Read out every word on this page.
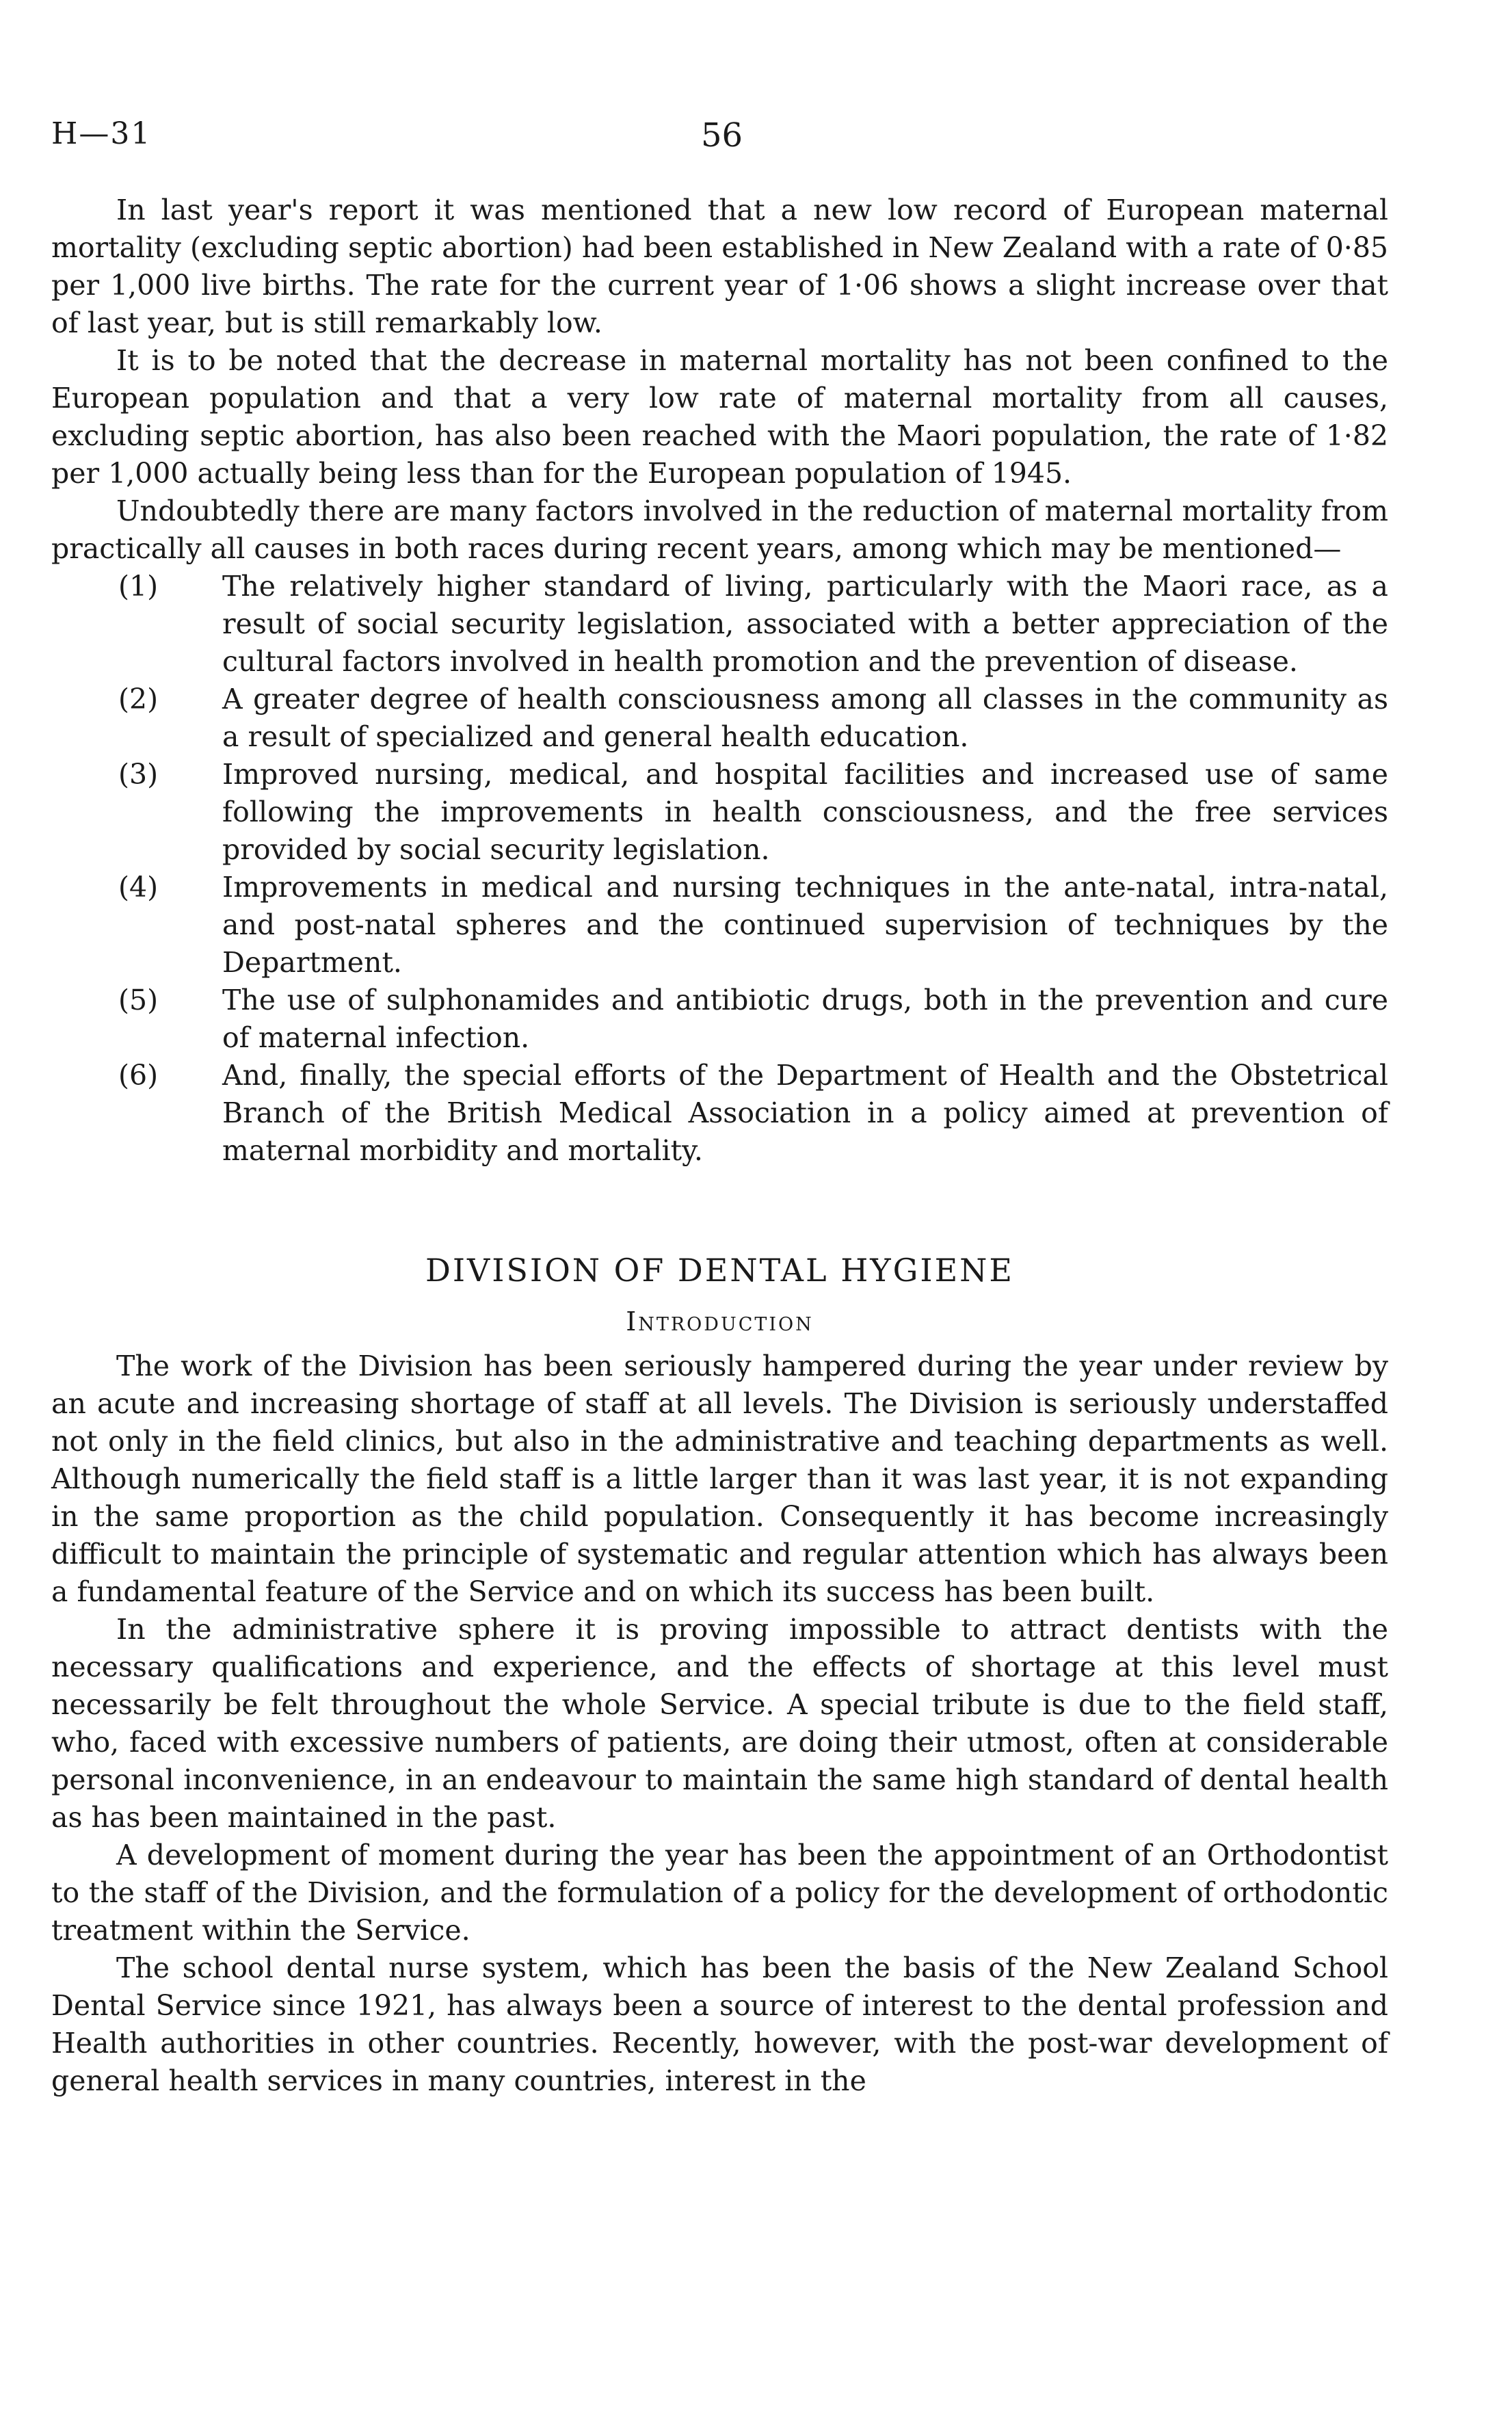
H—31	56

In last year's report it was mentioned that a new low record of European maternal mortality (excluding septic abortion) had been established in New Zealand with a rate of 0·85 per 1,000 live births. The rate for the current year of 1·06 shows a slight increase over that of last year, but is still remarkably low.

It is to be noted that the decrease in maternal mortality has not been confined to the European population and that a very low rate of maternal mortality from all causes, excluding septic abortion, has also been reached with the Maori population, the rate of 1·82 per 1,000 actually being less than for the European population of 1945.

Undoubtedly there are many factors involved in the reduction of maternal mortality from practically all causes in both races during recent years, among which may be mentioned—

(1) The relatively higher standard of living, particularly with the Maori race, as a result of social security legislation, associated with a better appreciation of the cultural factors involved in health promotion and the prevention of disease.
(2) A greater degree of health consciousness among all classes in the community as a result of specialized and general health education.
(3) Improved nursing, medical, and hospital facilities and increased use of same following the improvements in health consciousness, and the free services provided by social security legislation.
(4) Improvements in medical and nursing techniques in the ante-natal, intra-natal, and post-natal spheres and the continued supervision of techniques by the Department.
(5) The use of sulphonamides and antibiotic drugs, both in the prevention and cure of maternal infection.
(6) And, finally, the special efforts of the Department of Health and the Obstetrical Branch of the British Medical Association in a policy aimed at prevention of maternal morbidity and mortality.
DIVISION OF DENTAL HYGIENE
Introduction

The work of the Division has been seriously hampered during the year under review by an acute and increasing shortage of staff at all levels. The Division is seriously understaffed not only in the field clinics, but also in the administrative and teaching departments as well. Although numerically the field staff is a little larger than it was last year, it is not expanding in the same proportion as the child population. Consequently it has become increasingly difficult to maintain the principle of systematic and regular attention which has always been a fundamental feature of the Service and on which its success has been built.

In the administrative sphere it is proving impossible to attract dentists with the necessary qualifications and experience, and the effects of shortage at this level must necessarily be felt throughout the whole Service. A special tribute is due to the field staff, who, faced with excessive numbers of patients, are doing their utmost, often at considerable personal inconvenience, in an endeavour to maintain the same high standard of dental health as has been maintained in the past.

A development of moment during the year has been the appointment of an Orthodontist to the staff of the Division, and the formulation of a policy for the development of orthodontic treatment within the Service.

The school dental nurse system, which has been the basis of the New Zealand School Dental Service since 1921, has always been a source of interest to the dental profession and Health authorities in other countries. Recently, however, with the post-war development of general health services in many countries, interest in the
